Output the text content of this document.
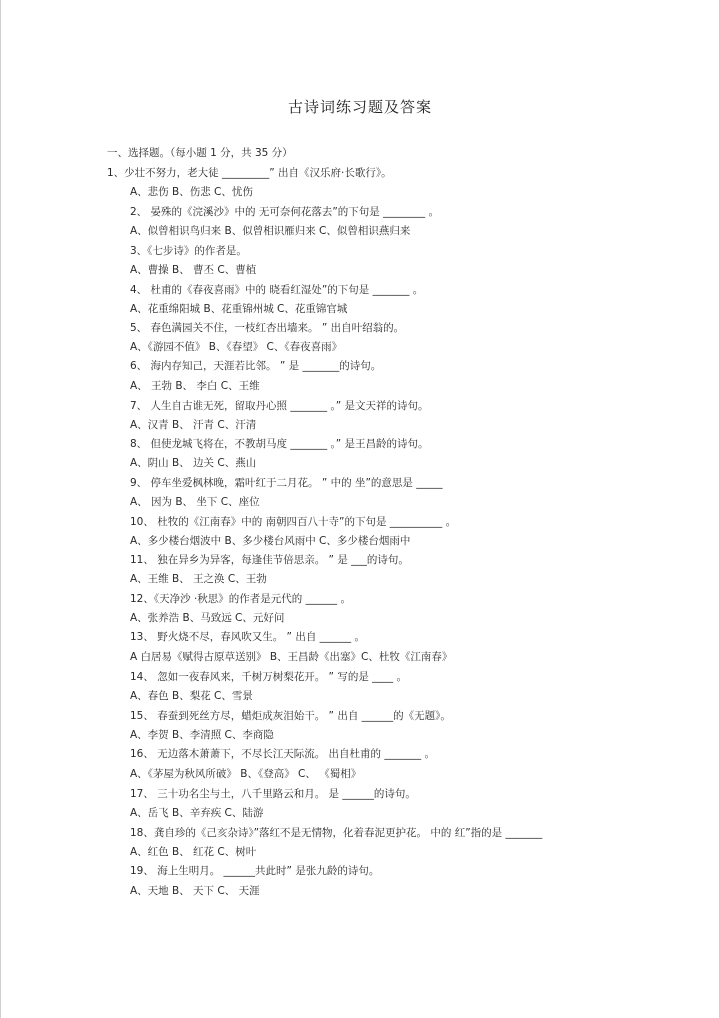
古诗词练习题及答案
一、选择题。（每小题 1 分，共 35 分）
1、少壮不努力，老大徒 _________” 出自《汉乐府·长歌行》。
A、悲伤 B、伤悲 C、忧伤
2、 晏殊的《浣溪沙》中的 无可奈何花落去”的下句是 ________ 。
A、似曾相识鸟归来 B、似曾相识雁归来 C、似曾相识燕归来
3、《七步诗》的作者是。
A、曹操 B、 曹丕 C、曹植
4、 杜甫的《春夜喜雨》中的 晓看红湿处”的下句是 _______ 。
A、花重绵阳城 B、花重锦州城 C、花重锦官城
5、 春色满园关不住，一枝红杏出墙来。 ” 出自叶绍翁的。
A、《游园不值》 B、《春望》 C、《春夜喜雨》
6、 海内存知己，天涯若比邻。 ” 是 _______的诗句。
A、 王勃 B、 李白 C、王维
7、 人生自古谁无死，留取丹心照 _______ 。” 是文天祥的诗句。
A、汉青 B、 汗青 C、汗清
8、 但使龙城飞将在，不教胡马度 _______ 。” 是王昌龄的诗句。
A、阴山 B、 边关 C、燕山
9、 停车坐爱枫林晚，霜叶红于二月花。 ” 中的 坐”的意思是 _____
A、 因为 B、 坐下 C、座位
10、 杜牧的《江南春》中的 南朝四百八十寺”的下句是 __________ 。
A、多少楼台烟波中 B、多少楼台风雨中 C、多少楼台烟雨中
11、 独在异乡为异客，每逢佳节倍思亲。 ” 是 ___的诗句。
A、王维 B、 王之涣 C、王勃
12、《天净沙 ·秋思》的作者是元代的 ______ 。
A、张养浩 B、马致远 C、元好问
13、 野火烧不尽，春风吹又生。 ” 出自 ______ 。
A 白居易《赋得古原草送别》 B、王昌龄《出塞》C、杜牧《江南春》
14、 忽如一夜春风来，千树万树梨花开。 ” 写的是 ____ 。
A、春色 B、梨花 C、雪景
15、 春蚕到死丝方尽，蜡炬成灰泪始干。 ” 出自 ______的《无题》。
A、李贺 B、李清照 C、李商隐
16、 无边落木萧萧下，不尽长江天际流。 出自杜甫的 _______ 。
A、《茅屋为秋风所破》 B、《登高》 C、 《蜀相》
17、 三十功名尘与土，八千里路云和月。 是 ______的诗句。
A、岳飞 B、辛弃疾 C、陆游
18、龚自珍的《己亥杂诗》”落红不是无情物，化着春泥更护花。 中的 红”指的是 _______
A、红色 B、 红花 C、树叶
19、 海上生明月。 ______共此时” 是张九龄的诗句。
A、天地 B、 天下 C、 天涯
